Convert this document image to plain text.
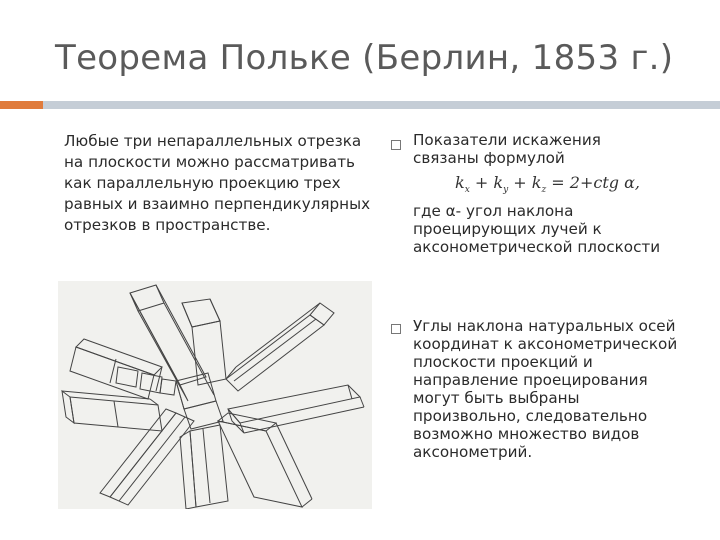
Теорема Польке (Берлин, 1853 г.)
Любые три непараллельных отрезка на плоскости можно рассматривать как параллельную проекцию трех равных и взаимно перпендикулярных отрезков в пространстве.
Показатели искажения
связаны формулой
$k_x + k_y + k_z = 2+ctg$ α,
где α- угол наклона проецирующих лучей к аксонометрической плоскости
Углы наклона натуральных осей координат к аксонометрической плоскости проекций и направление проецирования могут быть выбраны произвольно, следовательно возможно множество видов аксонометрий.
